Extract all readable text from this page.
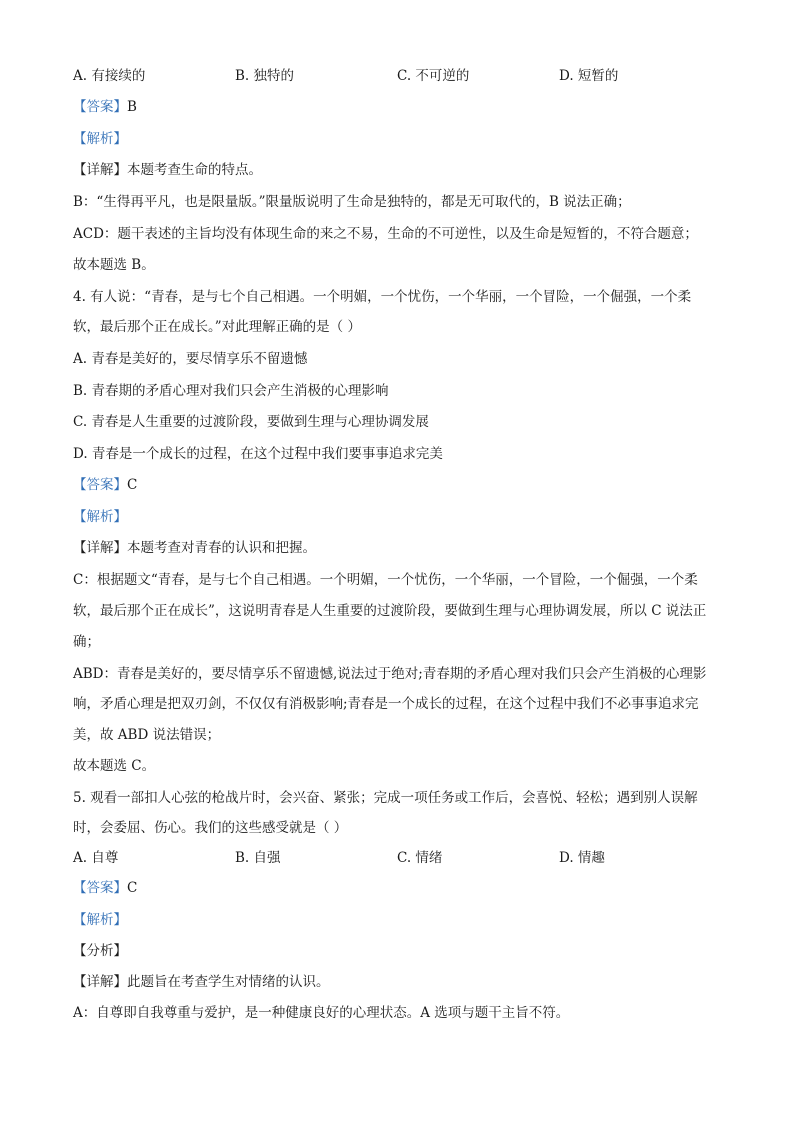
A. 有接续的	B. 独特的	C. 不可逆的	D. 短暂的
【答案】B
【解析】
【详解】本题考查生命的特点。
B：“生得再平凡，也是限量版。”限量版说明了生命是独特的，都是无可取代的，B 说法正确；
ACD：题干表述的主旨均没有体现生命的来之不易，生命的不可逆性，以及生命是短暂的，不符合题意；
故本题选 B。
4. 有人说：“青春，是与七个自己相遇。一个明媚，一个忧伤，一个华丽，一个冒险，一个倔强，一个柔
软，最后那个正在成长。”对此理解正确的是（ ）
A. 青春是美好的，要尽情享乐不留遗憾
B. 青春期的矛盾心理对我们只会产生消极的心理影响
C. 青春是人生重要的过渡阶段，要做到生理与心理协调发展
D. 青春是一个成长的过程，在这个过程中我们要事事追求完美
【答案】C
【解析】
【详解】本题考查对青春的认识和把握。
C：根据题文“青春，是与七个自己相遇。一个明媚，一个忧伤，一个华丽，一个冒险，一个倔强，一个柔
软，最后那个正在成长”，这说明青春是人生重要的过渡阶段，要做到生理与心理协调发展，所以 C 说法正
确；
ABD：青春是美好的，要尽情享乐不留遗憾,说法过于绝对;青春期的矛盾心理对我们只会产生消极的心理影
响，矛盾心理是把双刃剑，不仅仅有消极影响;青春是一个成长的过程，在这个过程中我们不必事事追求完
美，故 ABD 说法错误；
故本题选 C。
5. 观看一部扣人心弦的枪战片时，会兴奋、紧张；完成一项任务或工作后，会喜悦、轻松；遇到别人误解
时，会委屈、伤心。我们的这些感受就是（ ）
A. 自尊	B. 自强	C. 情绪	D. 情趣
【答案】C
【解析】
【分析】
【详解】此题旨在考查学生对情绪的认识。
A：自尊即自我尊重与爱护，是一种健康良好的心理状态。A 选项与题干主旨不符。
